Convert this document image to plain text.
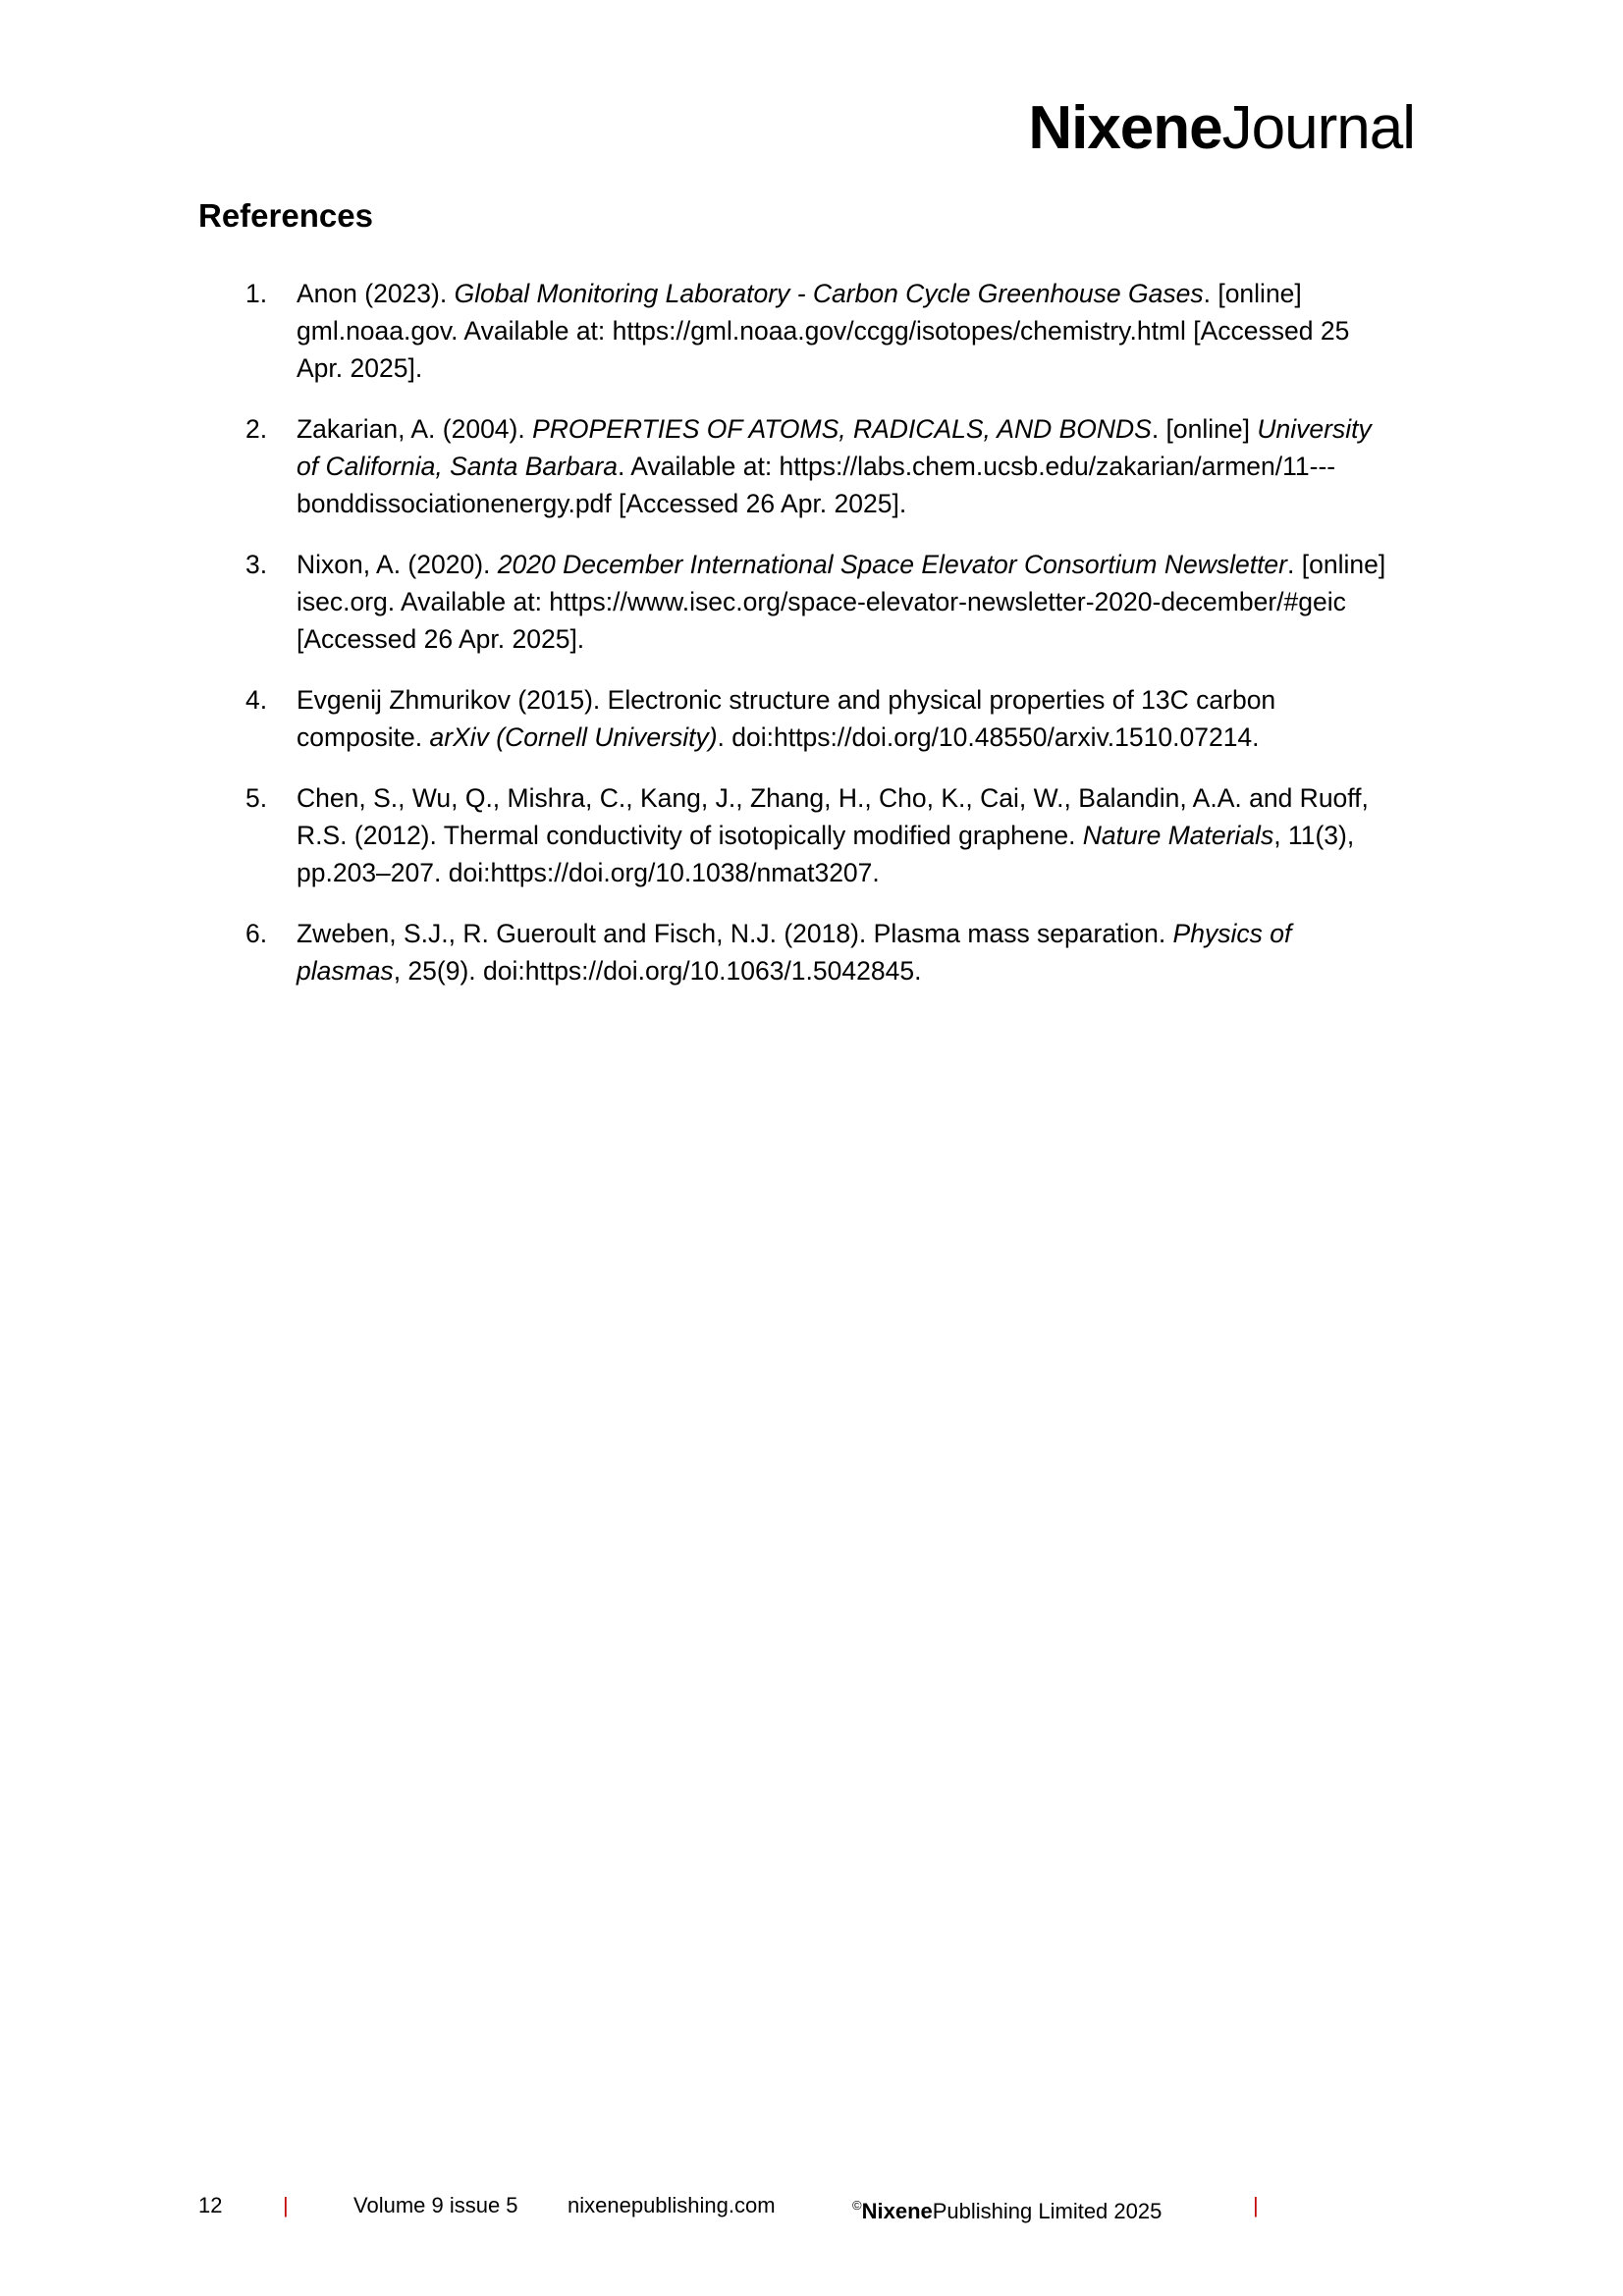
NixeneJournal
References
1. Anon (2023). Global Monitoring Laboratory - Carbon Cycle Greenhouse Gases. [online] gml.noaa.gov. Available at: https://gml.noaa.gov/ccgg/isotopes/chemistry.html [Accessed 25 Apr. 2025].
2. Zakarian, A. (2004). PROPERTIES OF ATOMS, RADICALS, AND BONDS. [online] University of California, Santa Barbara. Available at: https://labs.chem.ucsb.edu/zakarian/armen/11---bonddissociationenergy.pdf [Accessed 26 Apr. 2025].
3. Nixon, A. (2020). 2020 December International Space Elevator Consortium Newsletter. [online] isec.org. Available at: https://www.isec.org/space-elevator-newsletter-2020-december/#geic [Accessed 26 Apr. 2025].
4. Evgenij Zhmurikov (2015). Electronic structure and physical properties of 13C carbon composite. arXiv (Cornell University). doi:https://doi.org/10.48550/arxiv.1510.07214.
5. Chen, S., Wu, Q., Mishra, C., Kang, J., Zhang, H., Cho, K., Cai, W., Balandin, A.A. and Ruoff, R.S. (2012). Thermal conductivity of isotopically modified graphene. Nature Materials, 11(3), pp.203–207. doi:https://doi.org/10.1038/nmat3207.
6. Zweben, S.J., R. Gueroult and Fisch, N.J. (2018). Plasma mass separation. Physics of plasmas, 25(9). doi:https://doi.org/10.1063/1.5042845.
12	|	Volume 9 issue 5 nixenepublishing.com	©NixenePublishing Limited 2025	|
